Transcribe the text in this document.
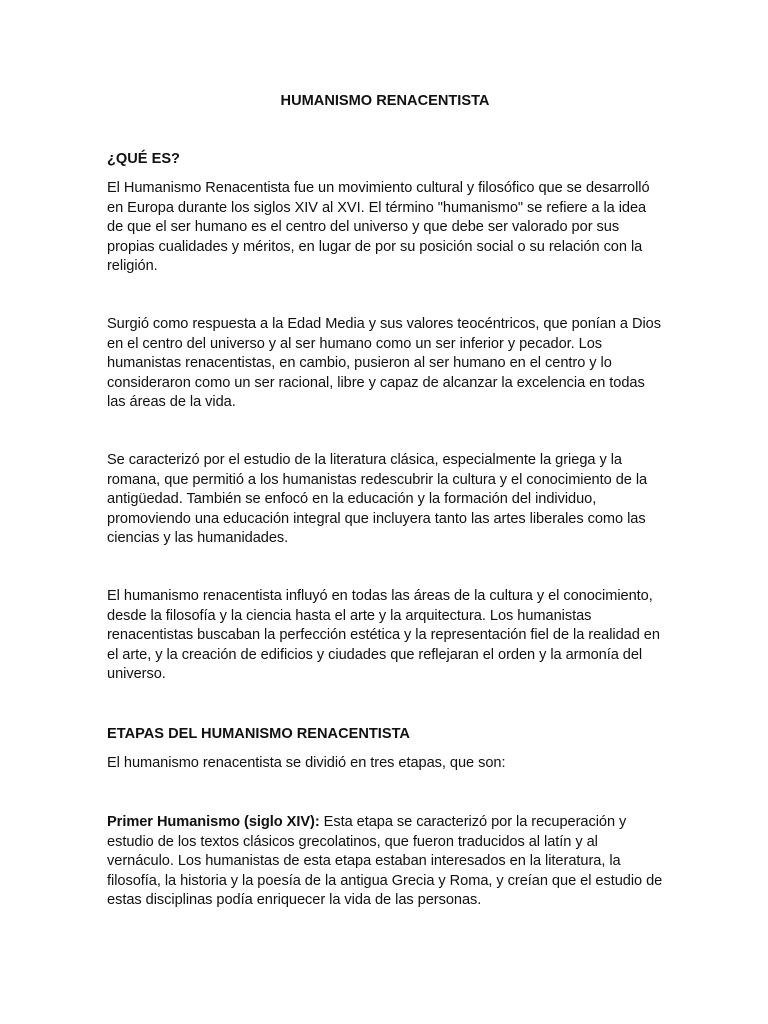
HUMANISMO RENACENTISTA
¿QUÉ ES?

El Humanismo Renacentista fue un movimiento cultural y filosófico que se desarrolló en Europa durante los siglos XIV al XVI. El término "humanismo" se refiere a la idea de que el ser humano es el centro del universo y que debe ser valorado por sus propias cualidades y méritos, en lugar de por su posición social o su relación con la religión.

Surgió como respuesta a la Edad Media y sus valores teocéntricos, que ponían a Dios en el centro del universo y al ser humano como un ser inferior y pecador. Los humanistas renacentistas, en cambio, pusieron al ser humano en el centro y lo consideraron como un ser racional, libre y capaz de alcanzar la excelencia en todas las áreas de la vida.

Se caracterizó por el estudio de la literatura clásica, especialmente la griega y la romana, que permitió a los humanistas redescubrir la cultura y el conocimiento de la antigüedad. También se enfocó en la educación y la formación del individuo, promoviendo una educación integral que incluyera tanto las artes liberales como las ciencias y las humanidades.

El humanismo renacentista influyó en todas las áreas de la cultura y el conocimiento, desde la filosofía y la ciencia hasta el arte y la arquitectura. Los humanistas renacentistas buscaban la perfección estética y la representación fiel de la realidad en el arte, y la creación de edificios y ciudades que reflejaran el orden y la armonía del universo.

ETAPAS DEL HUMANISMO RENACENTISTA

El humanismo renacentista se dividió en tres etapas, que son:

Primer Humanismo (siglo XIV): Esta etapa se caracterizó por la recuperación y estudio de los textos clásicos grecolatinos, que fueron traducidos al latín y al vernáculo. Los humanistas de esta etapa estaban interesados en la literatura, la filosofía, la historia y la poesía de la antigua Grecia y Roma, y creían que el estudio de estas disciplinas podía enriquecer la vida de las personas.
